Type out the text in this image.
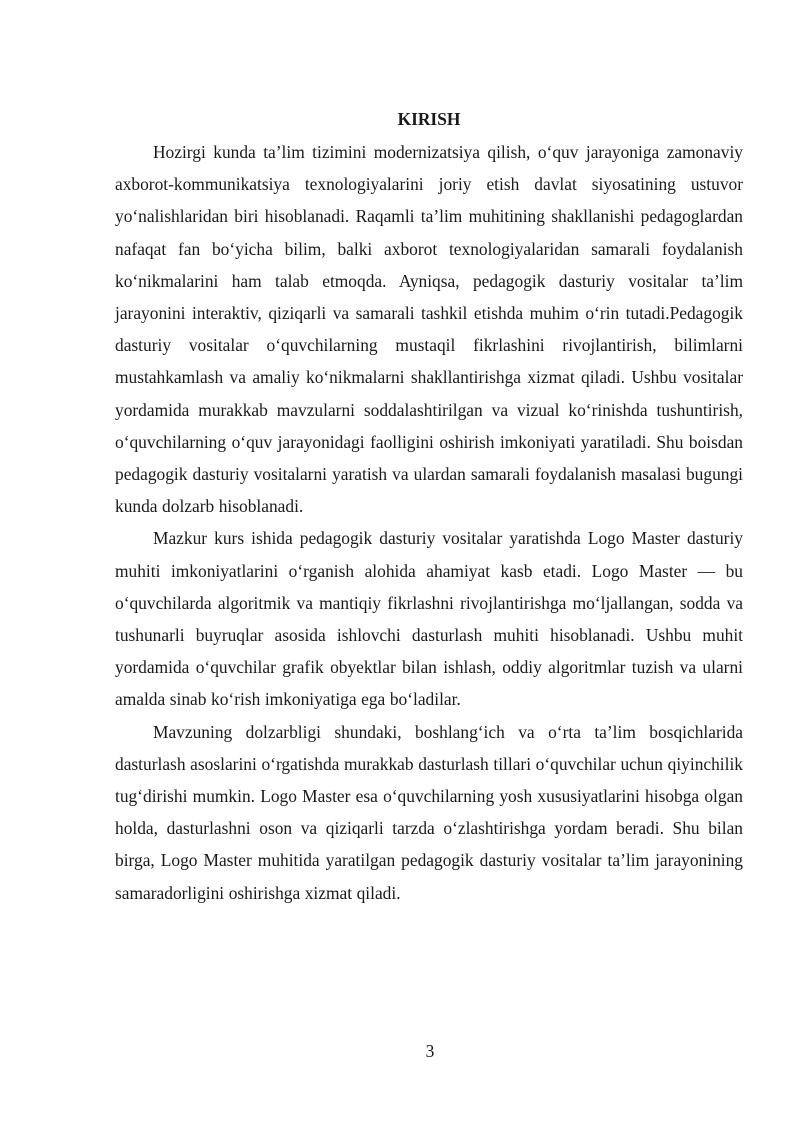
KIRISH

Hozirgi kunda ta’lim tizimini modernizatsiya qilish, o‘quv jarayoniga zamonaviy axborot-kommunikatsiya texnologiyalarini joriy etish davlat siyosatining ustuvor yo‘nalishlaridan biri hisoblanadi. Raqamli ta’lim muhitining shakllanishi pedagoglardan nafaqat fan bo‘yicha bilim, balki axborot texnologiyalaridan samarali foydalanish ko‘nikmalarini ham talab etmoqda. Ayniqsa, pedagogik dasturiy vositalar ta’lim jarayonini interaktiv, qiziqarli va samarali tashkil etishda muhim o‘rin tutadi.Pedagogik dasturiy vositalar o‘quvchilarning mustaqil fikrlashini rivojlantirish, bilimlarni mustahkamlash va amaliy ko‘nikmalarni shakllantirishga xizmat qiladi. Ushbu vositalar yordamida murakkab mavzularni soddalashtirilgan va vizual ko‘rinishda tushuntirish, o‘quvchilarning o‘quv jarayonidagi faolligini oshirish imkoniyati yaratiladi. Shu boisdan pedagogik dasturiy vositalarni yaratish va ulardan samarali foydalanish masalasi bugungi kunda dolzarb hisoblanadi.

Mazkur kurs ishida pedagogik dasturiy vositalar yaratishda Logo Master dasturiy muhiti imkoniyatlarini o‘rganish alohida ahamiyat kasb etadi. Logo Master — bu o‘quvchilarda algoritmik va mantiqiy fikrlashni rivojlantirishga mo‘ljallangan, sodda va tushunarli buyruqlar asosida ishlovchi dasturlash muhiti hisoblanadi. Ushbu muhit yordamida o‘quvchilar grafik obyektlar bilan ishlash, oddiy algoritmlar tuzish va ularni amalda sinab ko‘rish imkoniyatiga ega bo‘ladilar.

Mavzuning dolzarbligi shundaki, boshlang‘ich va o‘rta ta’lim bosqichlarida dasturlash asoslarini o‘rgatishda murakkab dasturlash tillari o‘quvchilar uchun qiyinchilik tug‘dirishi mumkin. Logo Master esa o‘quvchilarning yosh xususiyatlarini hisobga olgan holda, dasturlashni oson va qiziqarli tarzda o‘zlashtirishga yordam beradi. Shu bilan birga, Logo Master muhitida yaratilgan pedagogik dasturiy vositalar ta’lim jarayonining samaradorligini oshirishga xizmat qiladi.

3
